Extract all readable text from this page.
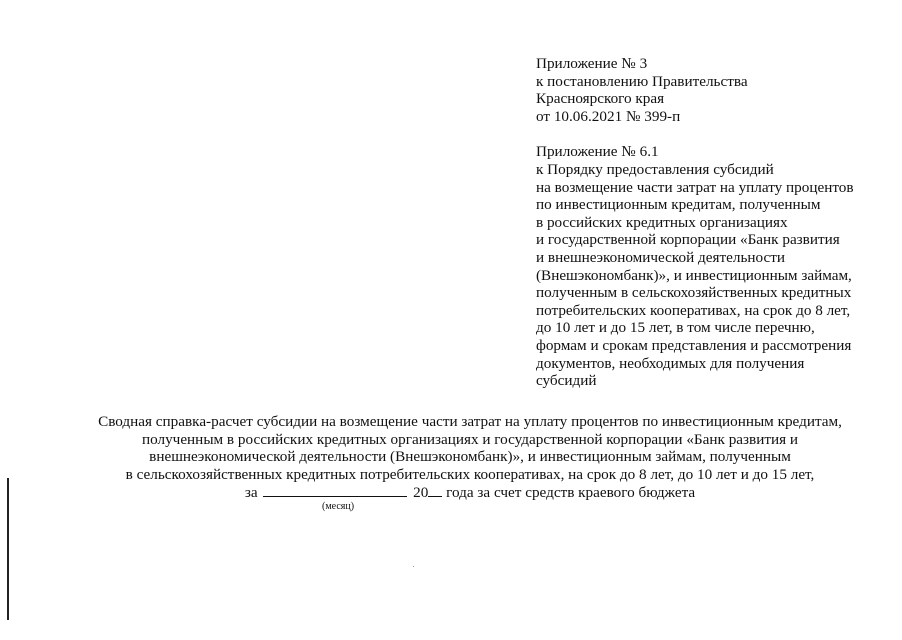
Приложение № 3
к постановлению Правительства
Красноярского края
от 10.06.2021 № 399-п
Приложение № 6.1
к Порядку предоставления субсидий
на возмещение части затрат на уплату процентов
по инвестиционным кредитам, полученным
в российских кредитных организациях
и государственной корпорации «Банк развития
и внешнеэкономической деятельности
(Внешэкономбанк)», и инвестиционным займам,
полученным в сельскохозяйственных кредитных
потребительских кооперативах, на срок до 8 лет,
до 10 лет и до 15 лет, в том числе перечню,
формам и срокам представления и рассмотрения
документов, необходимых для получения
субсидий
Сводная справка-расчет субсидии на возмещение части затрат на уплату процентов по инвестиционным кредитам,
полученным в российских кредитных организациях и государственной корпорации «Банк развития и
внешнеэкономической деятельности (Внешэкономбанк)», и инвестиционным займам, полученным
в сельскохозяйственных кредитных потребительских кооперативах, на срок до 8 лет, до 10 лет и до 15 лет,
за	20 года за счет средств краевого бюджета
(месяц)
